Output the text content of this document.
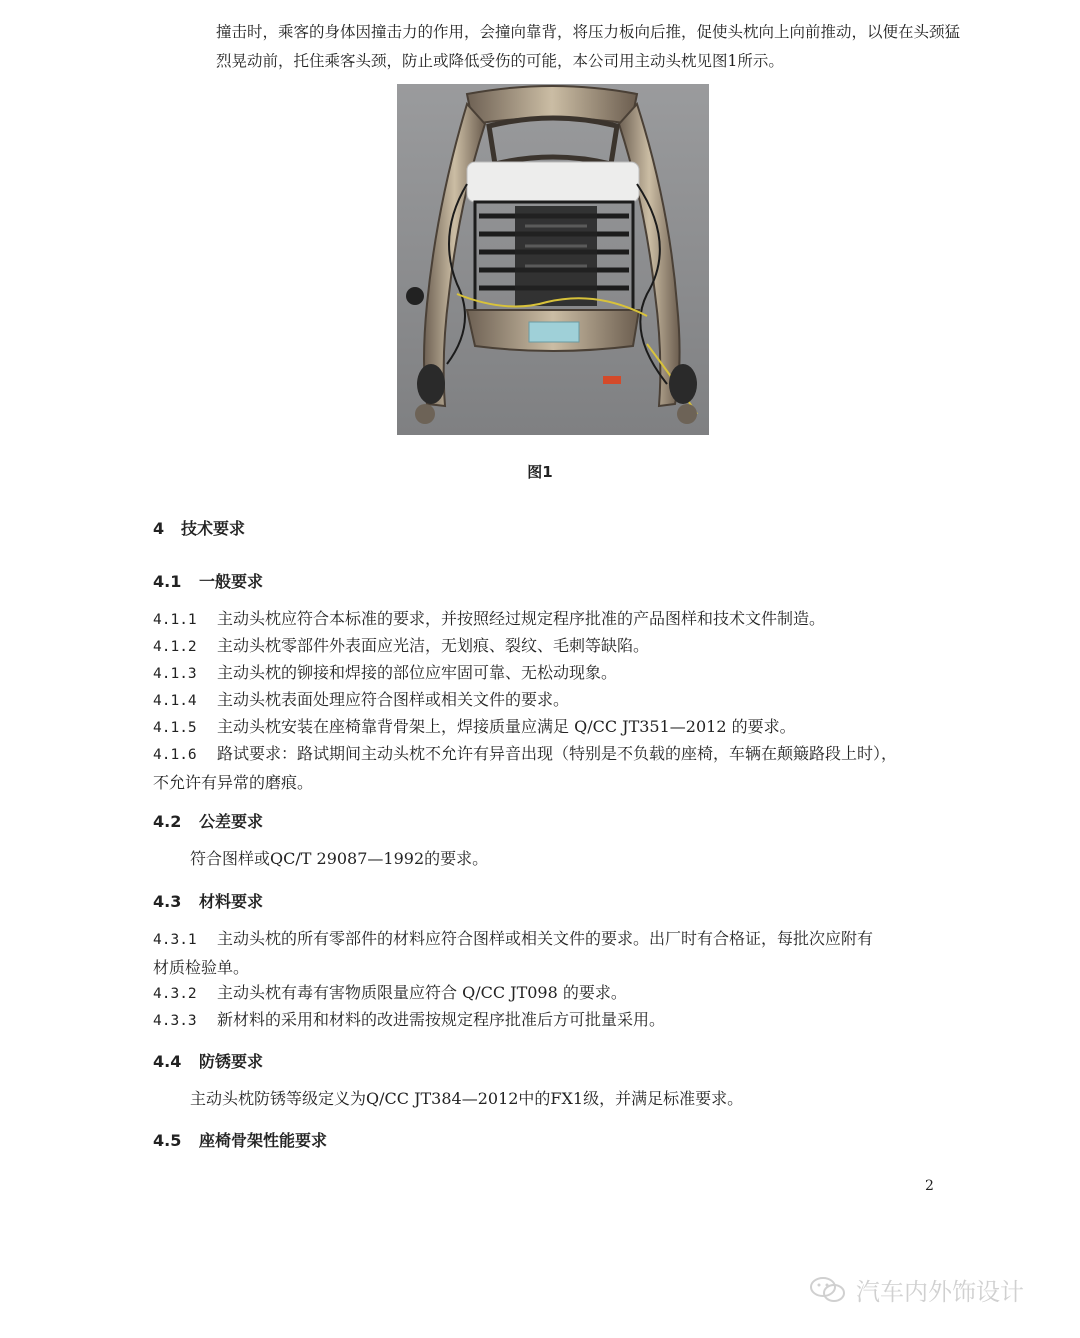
撞击时，乘客的身体因撞击力的作用，会撞向靠背，将压力板向后推，促使头枕向上向前推动，以便在头颈猛
烈晃动前，托住乘客头颈，防止或降低受伤的可能，本公司用主动头枕见图1所示。
图1
4 技术要求
4.1 一般要求
4.1.1 主动头枕应符合本标准的要求，并按照经过规定程序批准的产品图样和技术文件制造。
4.1.2 主动头枕零部件外表面应光洁，无划痕、裂纹、毛刺等缺陷。
4.1.3 主动头枕的铆接和焊接的部位应牢固可靠、无松动现象。
4.1.4 主动头枕表面处理应符合图样或相关文件的要求。
4.1.5 主动头枕安装在座椅靠背骨架上，焊接质量应满足 Q/CC JT351—2012 的要求。
4.1.6 路试要求：路试期间主动头枕不允许有异音出现（特别是不负载的座椅，车辆在颠簸路段上时），
不允许有异常的磨痕。
4.2 公差要求
符合图样或QC/T 29087—1992的要求。
4.3 材料要求
4.3.1 主动头枕的所有零部件的材料应符合图样或相关文件的要求。出厂时有合格证，每批次应附有
材质检验单。
4.3.2 主动头枕有毒有害物质限量应符合 Q/CC JT098 的要求。
4.3.3 新材料的采用和材料的改进需按规定程序批准后方可批量采用。
4.4 防锈要求
主动头枕防锈等级定义为Q/CC JT384—2012中的FX1级，并满足标准要求。
4.5 座椅骨架性能要求
2
汽车内外饰设计
